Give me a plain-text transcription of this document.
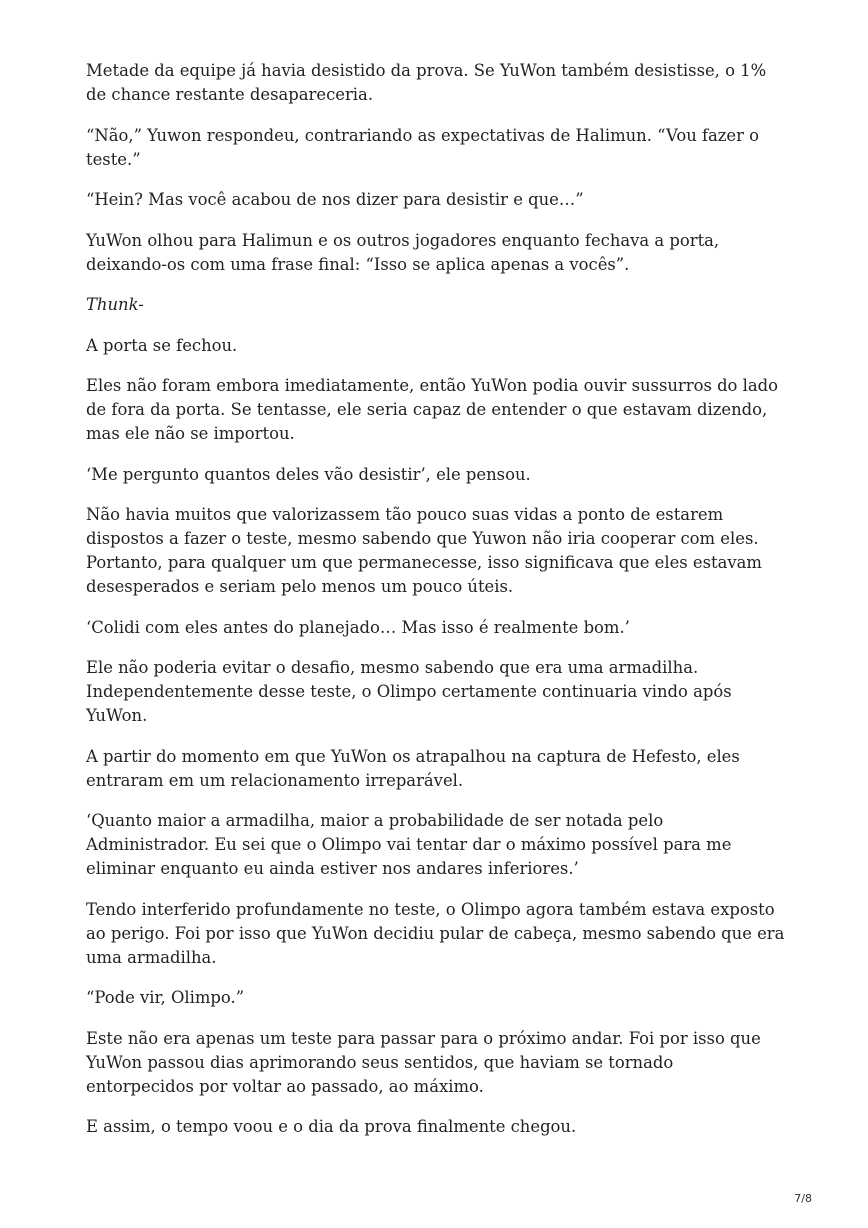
Metade da equipe já havia desistido da prova. Se YuWon também desistisse, o 1% de chance restante desapareceria.

“Não,” Yuwon respondeu, contrariando as expectativas de Halimun. “Vou fazer o teste.”

“Hein? Mas você acabou de nos dizer para desistir e que…”

YuWon olhou para Halimun e os outros jogadores enquanto fechava a porta, deixando-os com uma frase final: “Isso se aplica apenas a vocês”.

Thunk-

A porta se fechou.

Eles não foram embora imediatamente, então YuWon podia ouvir sussurros do lado de fora da porta. Se tentasse, ele seria capaz de entender o que estavam dizendo, mas ele não se importou.

‘Me pergunto quantos deles vão desistir’, ele pensou.

Não havia muitos que valorizassem tão pouco suas vidas a ponto de estarem dispostos a fazer o teste, mesmo sabendo que Yuwon não iria cooperar com eles. Portanto, para qualquer um que permanecesse, isso significava que eles estavam desesperados e seriam pelo menos um pouco úteis.

‘Colidi com eles antes do planejado… Mas isso é realmente bom.’

Ele não poderia evitar o desafio, mesmo sabendo que era uma armadilha. Independentemente desse teste, o Olimpo certamente continuaria vindo após YuWon.

A partir do momento em que YuWon os atrapalhou na captura de Hefesto, eles entraram em um relacionamento irreparável.

‘Quanto maior a armadilha, maior a probabilidade de ser notada pelo Administrador. Eu sei que o Olimpo vai tentar dar o máximo possível para me eliminar enquanto eu ainda estiver nos andares inferiores.’

Tendo interferido profundamente no teste, o Olimpo agora também estava exposto ao perigo. Foi por isso que YuWon decidiu pular de cabeça, mesmo sabendo que era uma armadilha.

“Pode vir, Olimpo.”

Este não era apenas um teste para passar para o próximo andar. Foi por isso que YuWon passou dias aprimorando seus sentidos, que haviam se tornado entorpecidos por voltar ao passado, ao máximo.

E assim, o tempo voou e o dia da prova finalmente chegou.

7/8
